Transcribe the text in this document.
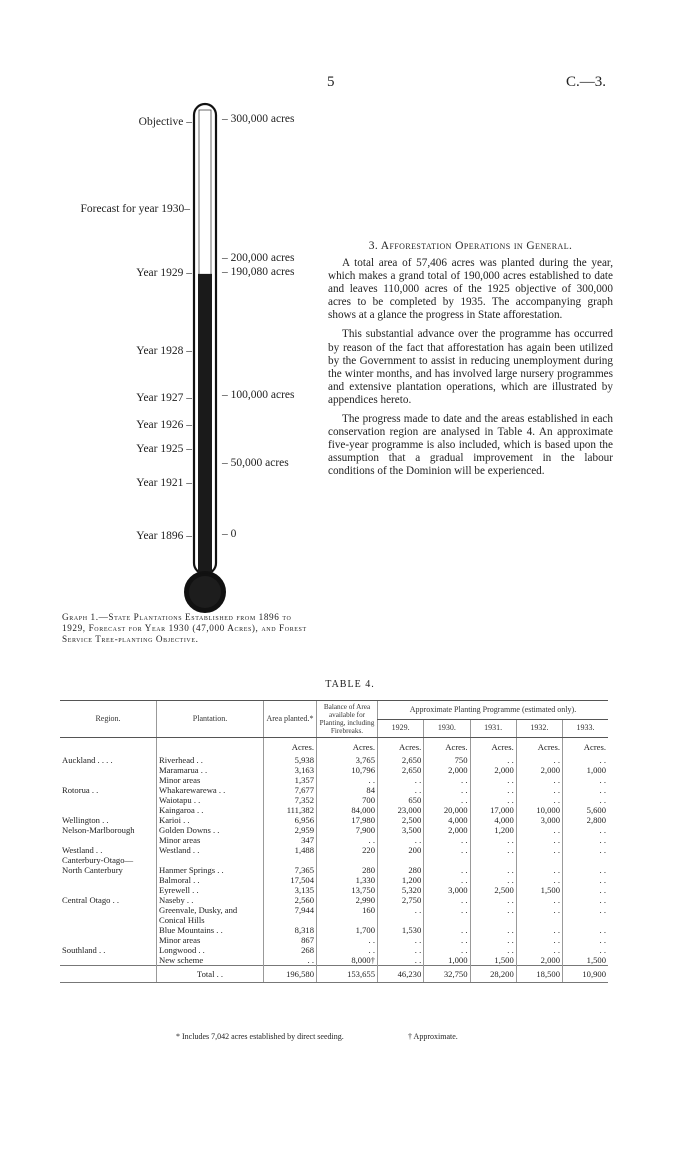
5	C.—3.
Objective –
Forecast for year 1930–
Year 1929 –
Year 1928 –
Year 1927 –
Year 1926 –
Year 1925 –
Year 1921 –
Year 1896 –
– 300,000 acres
– 200,000 acres
– 190,080 acres
– 100,000 acres
– 50,000 acres
– 0
Graph 1.—State Plantations Established from 1896 to 1929, Forecast for Year 1930 (47,000 Acres), and Forest Service Tree-planting Objective.
3. Afforestation Operations in General.

A total area of 57,406 acres was planted during the year, which makes a grand total of 190,000 acres established to date and leaves 110,000 acres of the 1925 objective of 300,000 acres to be completed by 1935. The accompanying graph shows at a glance the progress in State afforestation.

This substantial advance over the programme has occurred by reason of the fact that afforestation has again been utilized by the Government to assist in reducing unemployment during the winter months, and has involved large nursery programmes and extensive plantation operations, which are illustrated by appendices hereto.

The progress made to date and the areas established in each conservation region are analysed in Table 4. An approximate five-year programme is also included, which is based upon the assumption that a gradual improvement in the labour conditions of the Dominion will be experienced.

TABLE 4.
Region.	Plantation.	Area planted.*	Balance of Area available for Planting, including Firebreaks.	Approximate Planting Programme (estimated only).				
				1929.	1930.	1931.	1932.	1933.
		Acres.	Acres.	Acres.	Acres.	Acres.	Acres.	Acres.
Auckland . . . .	Riverhead . .	5,938	3,765	2,650	750	. .	. .	. .
	Maramarua . .	3,163	10,796	2,650	2,000	2,000	2,000	1,000
	Minor areas	1,357	. .	. .	. .	. .	. .	. .
Rotorua . .	Whakarewarewa . .	7,677	84	. .	. .	. .	. .	. .
	Waiotapu . .	7,352	700	650	. .	. .	. .	. .
	Kaingaroa . .	111,382	84,000	23,000	20,000	17,000	10,000	5,600
Wellington . .	Karioi . .	6,956	17,980	2,500	4,000	4,000	3,000	2,800
Nelson-Marlborough	Golden Downs . .	2,959	7,900	3,500	2,000	1,200	. .	. .
	Minor areas	347	. .	. .	. .	. .	. .	. .
Westland . .	Westland . .	1,488	220	200	. .	. .	. .	. .
Canterbury-Otago—								
North Canterbury	Hanmer Springs . .	7,365	280	280	. .	. .	. .	. .
	Balmoral . .	17,504	1,330	1,200	. .	. .	. .	. .
	Eyrewell . .	3,135	13,750	5,320	3,000	2,500	1,500	. .
Central Otago . .	Naseby . .	2,560	2,990	2,750	. .	. .	. .	. .
	Greenvale, Dusky, and Conical Hills	7,944	160	. .	. .	. .	. .	. .
	Blue Mountains . .	8,318	1,700	1,530	. .	. .	. .	. .
	Minor areas	867	. .	. .	. .	. .	. .	. .
Southland . .	Longwood . .	268	. .	. .	. .	. .	. .	. .
	New scheme	. .	8,000†	. .	1,000	1,500	2,000	1,500
	Total . .	196,580	153,655	46,230	32,750	28,200	18,500	10,900
* Includes 7,042 acres established by direct seeding.	† Approximate.
